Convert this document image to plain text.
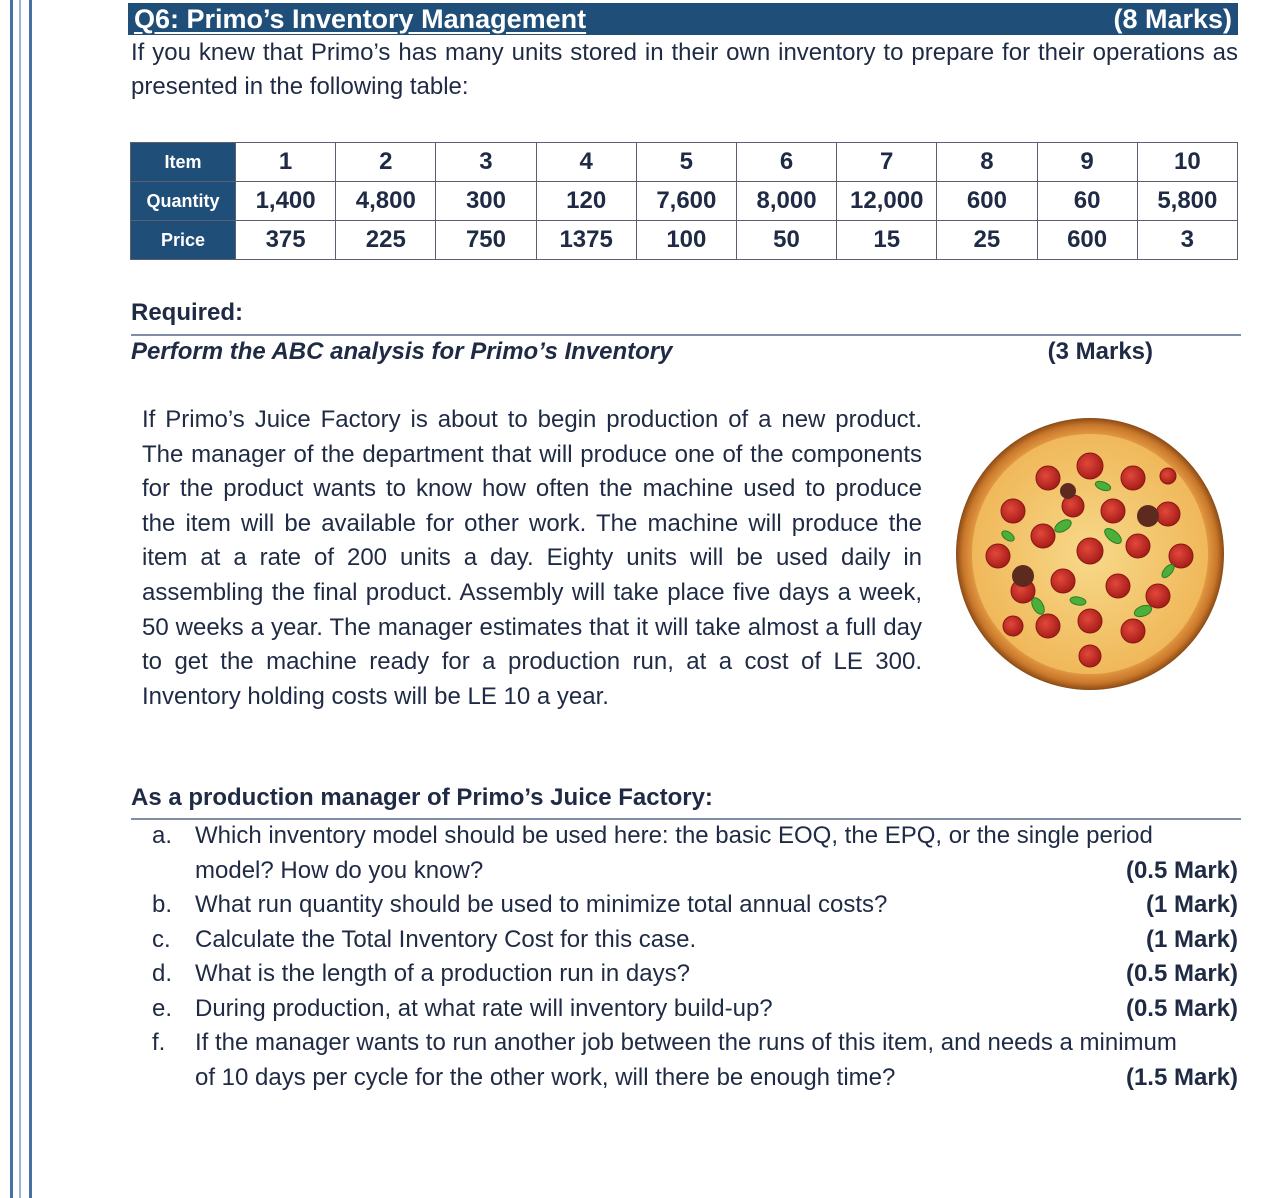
Q6: Primo’s Inventory Management	(8 Marks)
If you knew that Primo’s has many units stored in their own inventory to prepare for their operations as presented in the following table:
Item	1	2	3	4	5	6	7	8	9	10
Quantity	1,400	4,800	300	120	7,600	8,000	12,000	600	60	5,800
Price	375	225	750	1375	100	50	15	25	600	3
Required:
Perform the ABC analysis for Primo’s Inventory	(3 Marks)
If Primo’s Juice Factory is about to begin production of a new product. The manager of the department that will produce one of the components for the product wants to know how often the machine used to produce the item will be available for other work. The machine will produce the item at a rate of 200 units a day. Eighty units will be used daily in assembling the final product. Assembly will take place five days a week, 50 weeks a year. The manager estimates that it will take almost a full day to get the machine ready for a production run, at a cost of LE 300. Inventory holding costs will be LE 10 a year.
As a production manager of Primo’s Juice Factory:
a. Which inventory model should be used here: the basic EOQ, the EPQ, or the single period
model? How do you know?	(0.5 Mark)
b. What run quantity should be used to minimize total annual costs?	(1 Mark)
c. Calculate the Total Inventory Cost for this case.	(1 Mark)
d. What is the length of a production run in days?	(0.5 Mark)
e. During production, at what rate will inventory build-up?	(0.5 Mark)
f. If the manager wants to run another job between the runs of this item, and needs a minimum
of 10 days per cycle for the other work, will there be enough time?	(1.5 Mark)
